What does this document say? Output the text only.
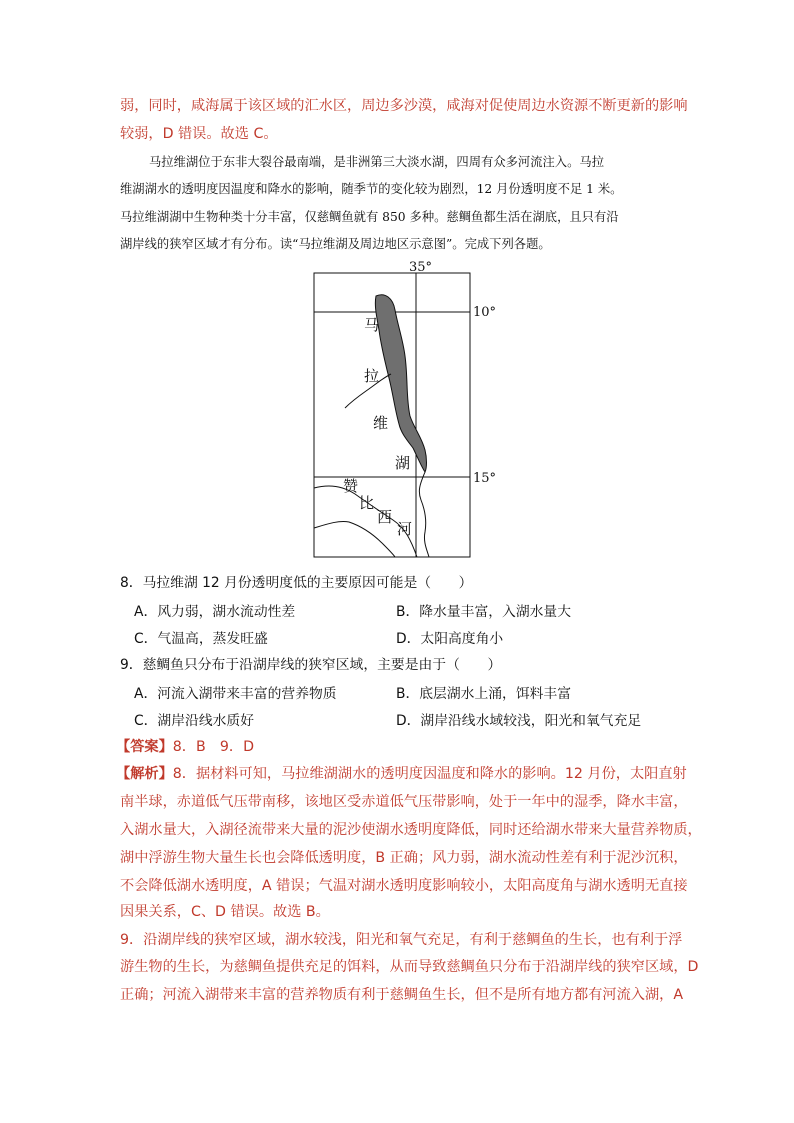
弱，同时，咸海属于该区域的汇水区，周边多沙漠，咸海对促使周边水资源不断更新的影响
较弱，D 错误。故选 C。
马拉维湖位于东非大裂谷最南端，是非洲第三大淡水湖，四周有众多河流注入。马拉
维湖湖水的透明度因温度和降水的影响，随季节的变化较为剧烈，12 月份透明度不足 1 米。
马拉维湖湖中生物种类十分丰富，仅慈鲷鱼就有 850 多种。慈鲷鱼都生活在湖底，且只有沿
湖岸线的狭窄区域才有分布。读“马拉维湖及周边地区示意图”。完成下列各题。
35°
10°
15°
马
拉
维
湖
赞
比
西
河
8．马拉维湖 12 月份透明度低的主要原因可能是（　　）
A．风力弱，湖水流动性差	B．降水量丰富，入湖水量大
C．气温高，蒸发旺盛	D．太阳高度角小
9．慈鲷鱼只分布于沿湖岸线的狭窄区域，主要是由于（　　）
A．河流入湖带来丰富的营养物质	B．底层湖水上涌，饵料丰富
C．湖岸沿线水质好	D．湖岸沿线水域较浅，阳光和氧气充足
【答案】8．B　9．D
【解析】8．据材料可知，马拉维湖湖水的透明度因温度和降水的影响。12 月份，太阳直射
南半球，赤道低气压带南移，该地区受赤道低气压带影响，处于一年中的湿季，降水丰富，
入湖水量大，入湖径流带来大量的泥沙使湖水透明度降低，同时还给湖水带来大量营养物质，
湖中浮游生物大量生长也会降低透明度，B 正确；风力弱，湖水流动性差有利于泥沙沉积，
不会降低湖水透明度，A 错误；气温对湖水透明度影响较小，太阳高度角与湖水透明无直接
因果关系，C、D 错误。故选 B。
9．沿湖岸线的狭窄区域，湖水较浅，阳光和氧气充足，有利于慈鲷鱼的生长，也有利于浮
游生物的生长，为慈鲷鱼提供充足的饵料，从而导致慈鲷鱼只分布于沿湖岸线的狭窄区域，D
正确；河流入湖带来丰富的营养物质有利于慈鲷鱼生长，但不是所有地方都有河流入湖，A
